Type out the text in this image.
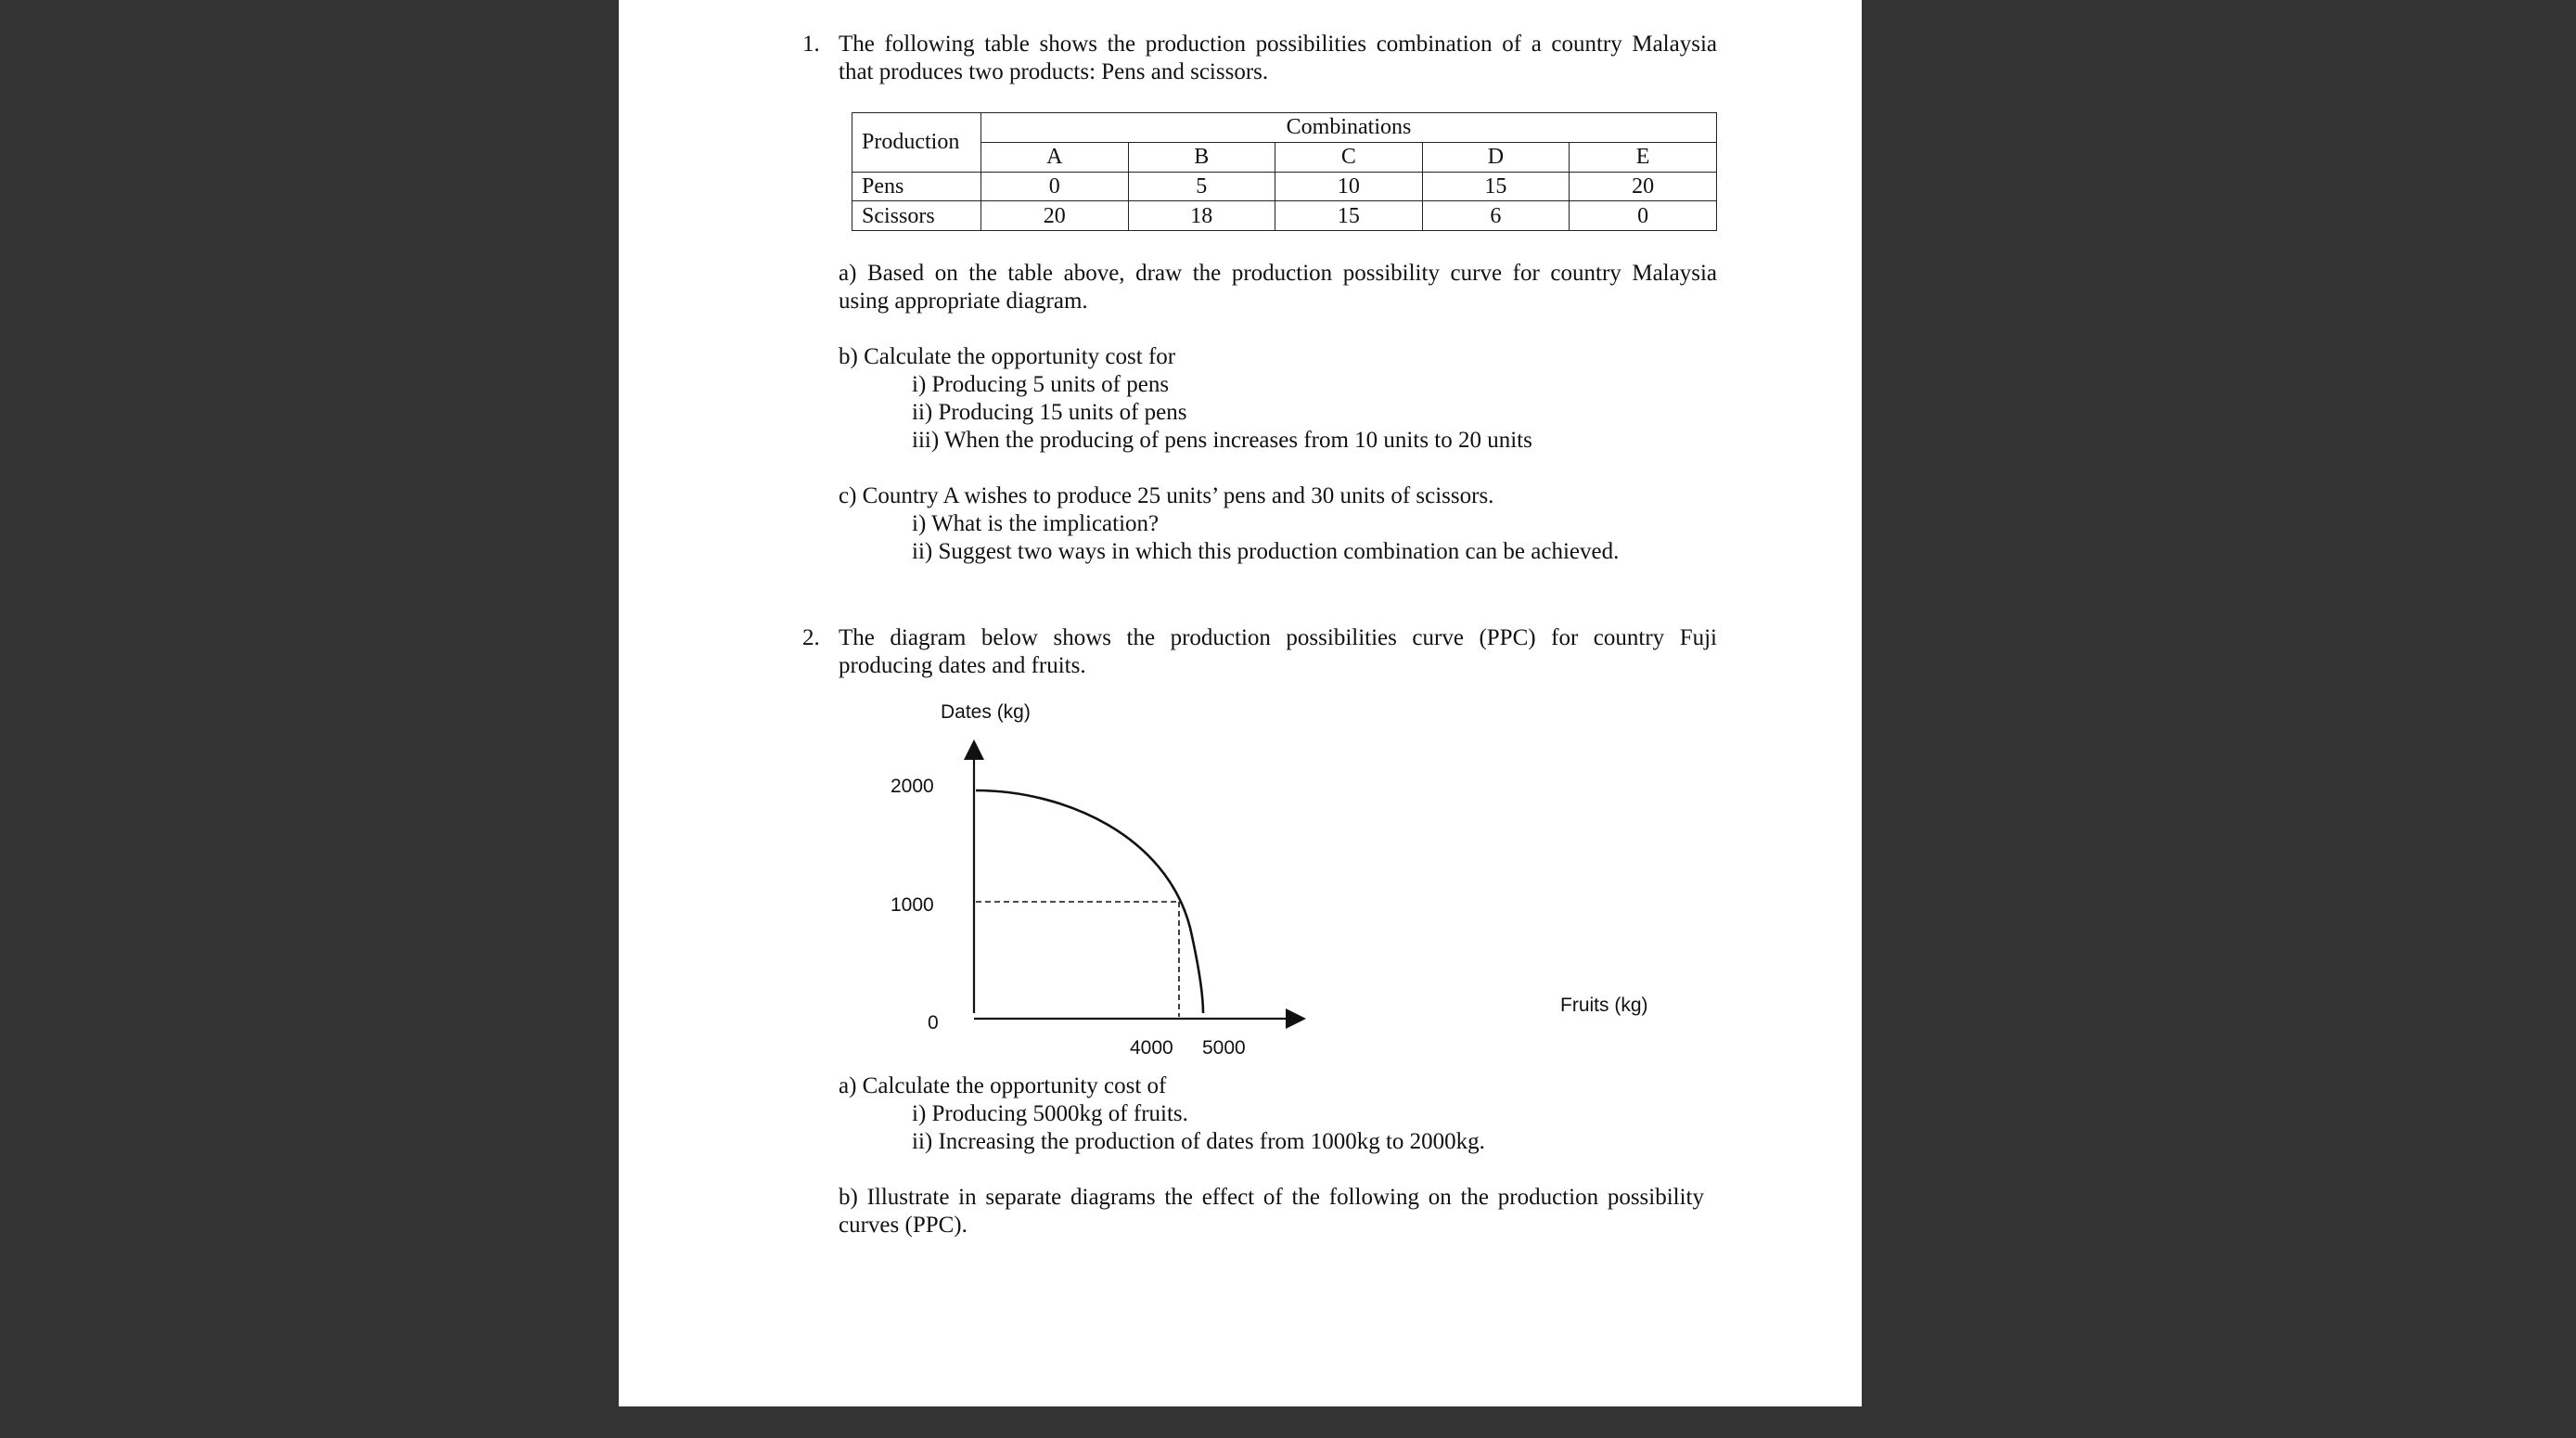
1. The following table shows the production possibilities combination of a country Malaysia
that produces two products: Pens and scissors.
Production	Combinations				
	A	B	C	D	E
Pens	0	5	10	15	20
Scissors	20	18	15	6	0
a) Based on the table above, draw the production possibility curve for country Malaysia
using appropriate diagram.
b) Calculate the opportunity cost for
i) Producing 5 units of pens
ii) Producing 15 units of pens
iii) When the producing of pens increases from 10 units to 20 units
c) Country A wishes to produce 25 units’ pens and 30 units of scissors.
i) What is the implication?
ii) Suggest two ways in which this production combination can be achieved.
2. The diagram below shows the production possibilities curve (PPC) for country Fuji
producing dates and fruits.
Dates (kg)
2000
1000
0
Fruits (kg)
4000 5000
a) Calculate the opportunity cost of
i) Producing 5000kg of fruits.
ii) Increasing the production of dates from 1000kg to 2000kg.
b) Illustrate in separate diagrams the effect of the following on the production possibility
curves (PPC).
